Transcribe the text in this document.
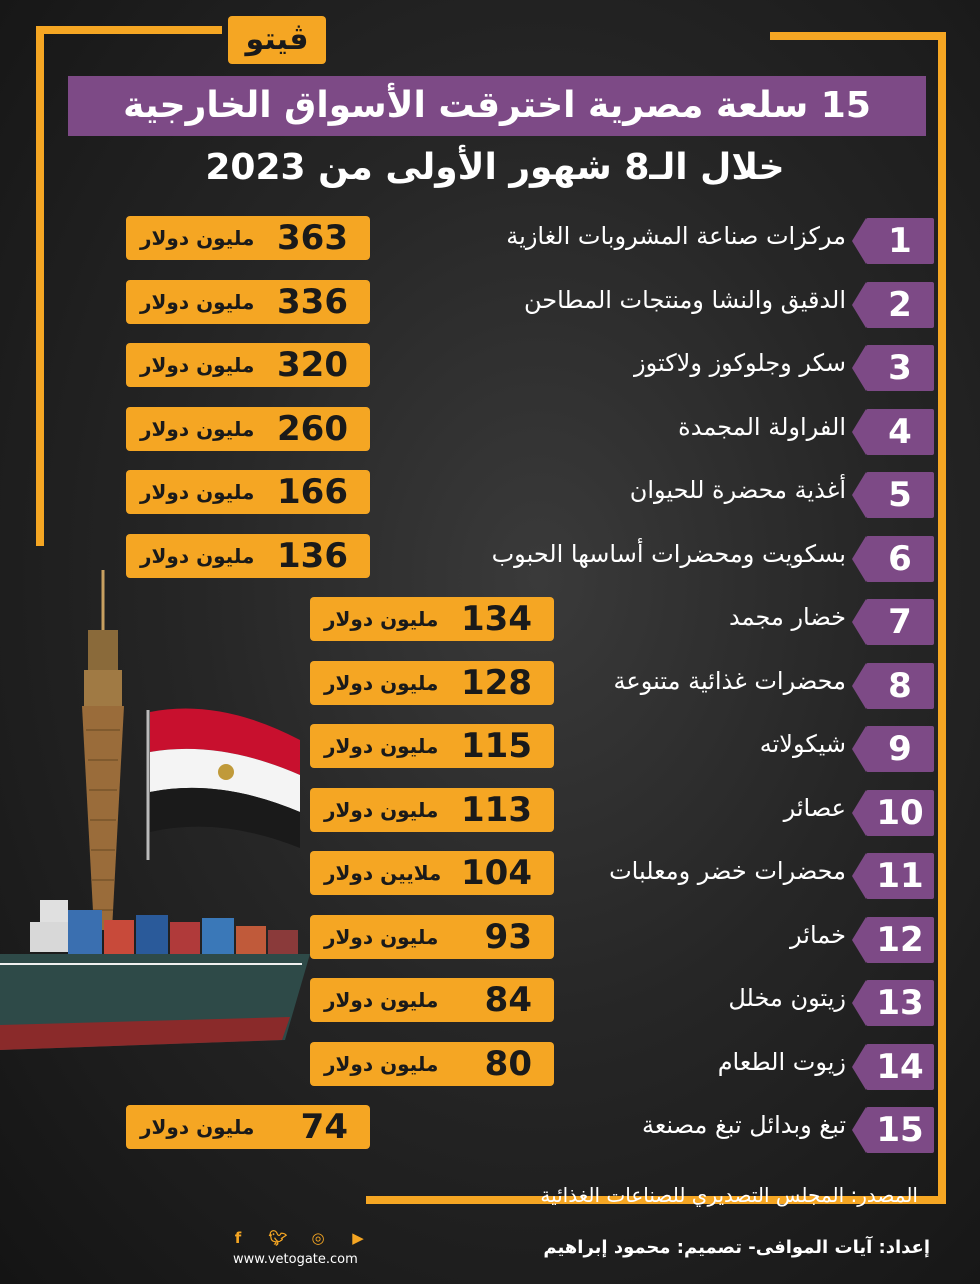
ڤيتو
15 سلعة مصرية اخترقت الأسواق الخارجية
خلال الـ8 شهور الأولى من 2023
المصدر: المجلس التصديري للصناعات الغذائية
إعداد: آيات الموافى- تصميم: محمود إبراهيم
f	🐦︎ ◎ ▶
www.vetogate.com
1
مركزات صناعة المشروبات الغازية
363
مليون دولار
2
الدقيق والنشا ومنتجات المطاحن
336
مليون دولار
3
سكر وجلوكوز ولاكتوز
320
مليون دولار
4
الفراولة المجمدة
260
مليون دولار
5
أغذية محضرة للحيوان
166
مليون دولار
6
بسكويت ومحضرات أساسها الحبوب
136
مليون دولار
7
خضار مجمد
134
مليون دولار
8
محضرات غذائية متنوعة
128
مليون دولار
9
شيكولاته
115
مليون دولار
10
عصائر
113
مليون دولار
11
محضرات خضر ومعلبات
104
ملايين دولار
12
خمائر
93
مليون دولار
13
زيتون مخلل
84
مليون دولار
14
زيوت الطعام
80
مليون دولار
15
تبغ وبدائل تبغ مصنعة
74
مليون دولار
